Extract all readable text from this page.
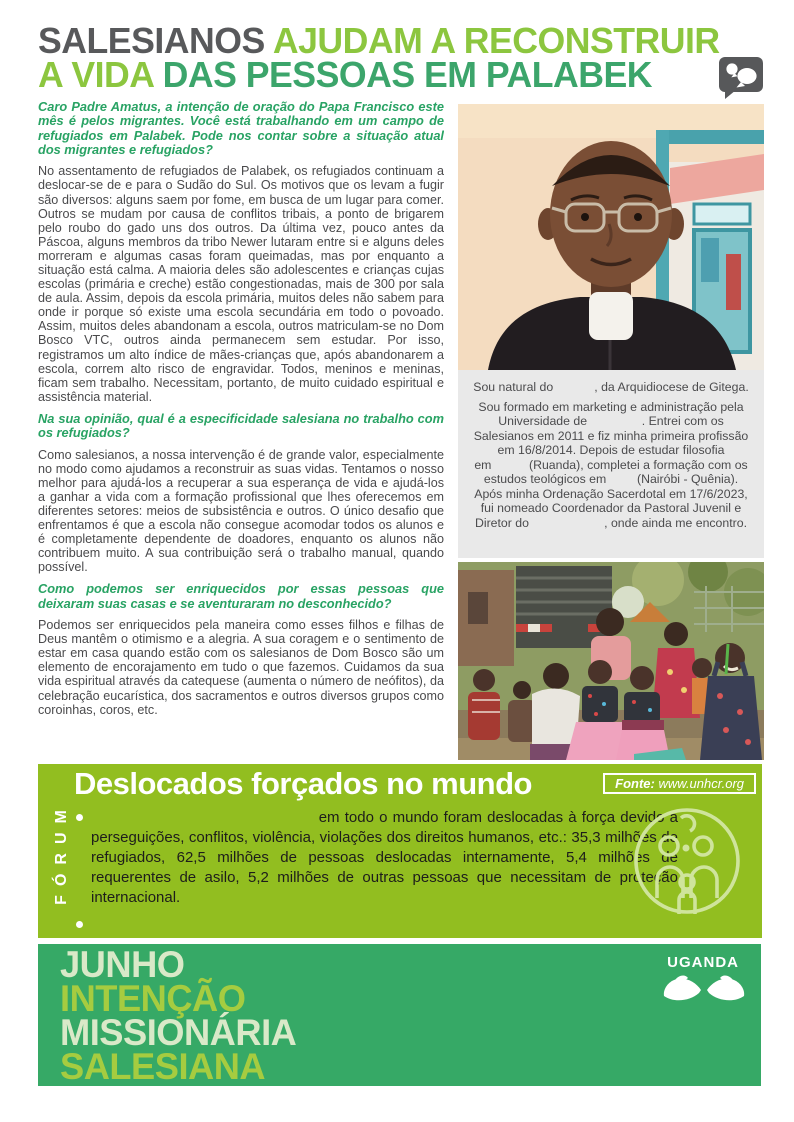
SALESIANOS AJUDAM A RECONSTRUIR
A VIDA DAS PESSOAS EM PALABEK

Caro Padre Amatus, a intenção de oração do Papa Francisco este mês é pelos migrantes. Você está trabalhando em um campo de refugiados em Palabek. Pode nos contar sobre a situação atual dos migrantes e refugiados?

No assentamento de refugiados de Palabek, os refugiados continuam a deslocar-se de e para o Sudão do Sul. Os motivos que os levam a fugir são diversos: alguns saem por fome, em busca de um lugar para comer. Outros se mudam por causa de conflitos tribais, a ponto de brigarem pelo roubo do gado uns dos outros. Da última vez, pouco antes da Páscoa, alguns membros da tribo Newer lutaram entre si e alguns deles morreram e algumas casas foram queimadas, mas por enquanto a situação está calma. A maioria deles são adolescentes e crianças cujas escolas (primária e creche) estão congestionadas, mais de 300 por sala de aula. Assim, depois da escola primária, muitos deles não sabem para onde ir porque só existe uma escola secundária em todo o povoado. Assim, muitos deles abandonam a escola, outros matriculam-se no Dom Bosco VTC, outros ainda permanecem sem estudar. Por isso, registramos um alto índice de mães-crianças que, após abandonarem a escola, correm alto risco de engravidar. Todos, meninos e meninas, ficam sem trabalho. Necessitam, portanto, de muito cuidado espiritual e assistência material.

Na sua opinião, qual é a especificidade salesiana no trabalho com os refugiados?

Como salesianos, a nossa intervenção é de grande valor, especialmente no modo como ajudamos a reconstruir as suas vidas. Tentamos o nosso melhor para ajudá-los a recuperar a sua esperança de vida e ajudá-los a ganhar a vida com a formação profissional que lhes oferecemos em diferentes setores: meios de subsistência e outros. O único desafio que enfrentamos é que a escola não consegue acomodar todos os alunos e é completamente dependente de doadores, enquanto os alunos não contribuem muito. A sua contribuição será o trabalho manual, quando possível.

Como podemos ser enriquecidos por essas pessoas que deixaram suas casas e se aventuraram no desconhecido?

Podemos ser enriquecidos pela maneira como esses filhos e filhas de Deus mantêm o otimismo e a alegria. A sua coragem e o sentimento de estar em casa quando estão com os salesianos de Dom Bosco são um elemento de encorajamento em tudo o que fazemos. Cuidamos da sua vida espiritual através da catequese (aumenta o número de neófitos), da celebração eucarística, dos sacramentos e outros diversos grupos como coroinhas, coros, etc.

Sou natural do            , da Arquidiocese de Gitega.

Sou formado em marketing e administração pela Universidade de                . Entrei com os Salesianos em 2011 e fiz minha primeira profissão em 16/8/2014. Depois de estudar filosofia em           (Ruanda), completei a formação com os estudos teológicos em         (Nairóbi - Quênia). Após minha Ordenação Sacerdotal em 17/6/2023, fui nomeado Coordenador da Pastoral Juvenil e Diretor do                      , onde ainda me encontro.

FÓRUM
Deslocados forçados no mundo	Fonte: www.unhcr.org
em todo o mundo foram deslocadas à força devido a perseguições, conflitos, violência, violações dos direitos humanos, etc.: 35,3 milhões de refugiados, 62,5 milhões de pessoas deslocadas internamente, 5,4 milhões de requerentes de asilo, 5,2 milhões de outras pessoas que necessitam de proteção internacional.

JUNHO
INTENÇÃO
MISSIONÁRIA
SALESIANA
UGANDA
